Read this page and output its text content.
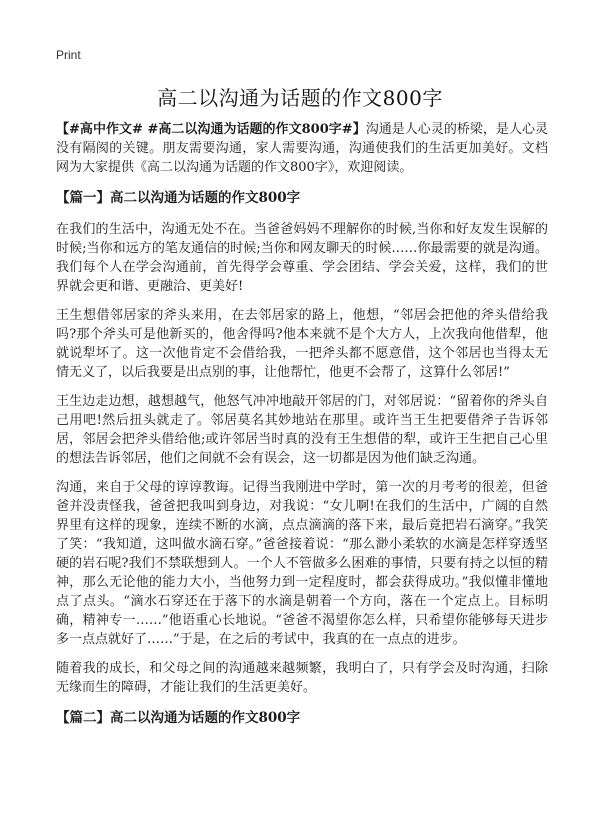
Print
高二以沟通为话题的作文800字

【#高中作文# #高二以沟通为话题的作文800字#】沟通是人心灵的桥梁，是人心灵没有隔阂的关键。朋友需要沟通，家人需要沟通，沟通使我们的生活更加美好。文档网为大家提供《高二以沟通为话题的作文800字》，欢迎阅读。

【篇一】高二以沟通为话题的作文800字

在我们的生活中，沟通无处不在。当爸爸妈妈不理解你的时候,当你和好友发生误解的时候;当你和远方的笔友通信的时候;当你和网友聊天的时候……你最需要的就是沟通。我们每个人在学会沟通前，首先得学会尊重、学会团结、学会关爱，这样，我们的世界就会更和谐、更融洽、更美好!

王生想借邻居家的斧头来用，在去邻居家的路上，他想，“邻居会把他的斧头借给我吗?那个斧头可是他新买的，他舍得吗?他本来就不是个大方人，上次我向他借犁，他就说犁坏了。这一次他肯定不会借给我，一把斧头都不愿意借，这个邻居也当得太无情无义了，以后我要是出点别的事，让他帮忙，他更不会帮了，这算什么邻居!”

王生边走边想，越想越气，他怒气冲冲地敲开邻居的门，对邻居说：“留着你的斧头自己用吧!然后扭头就走了。邻居莫名其妙地站在那里。或许当王生把要借斧子告诉邻居，邻居会把斧头借给他;或许邻居当时真的没有王生想借的犁，或许王生把自己心里的想法告诉邻居，他们之间就不会有误会，这一切都是因为他们缺乏沟通。

沟通，来自于父母的谆谆教诲。记得当我刚进中学时，第一次的月考考的很差，但爸爸并没责怪我，爸爸把我叫到身边，对我说：“女儿啊!在我们的生活中，广阔的自然界里有这样的现象，连续不断的水滴，点点滴滴的落下来，最后竟把岩石滴穿。”我笑了笑：“我知道，这叫做水滴石穿。”爸爸接着说：“那么渺小柔软的水滴是怎样穿透坚硬的岩石呢?我们不禁联想到人。一个人不管做多么困难的事情，只要有持之以恒的精神，那么无论他的能力大小，当他努力到一定程度时，都会获得成功。”我似懂非懂地点了点头。“滴水石穿还在于落下的水滴是朝着一个方向，落在一个定点上。目标明确，精神专一……”他语重心长地说。“爸爸不渴望你怎么样，只希望你能够每天进步多一点点就好了……”于是，在之后的考试中，我真的在一点点的进步。

随着我的成长，和父母之间的沟通越来越频繁，我明白了，只有学会及时沟通，扫除无缘而生的障碍，才能让我们的生活更美好。

【篇二】高二以沟通为话题的作文800字
